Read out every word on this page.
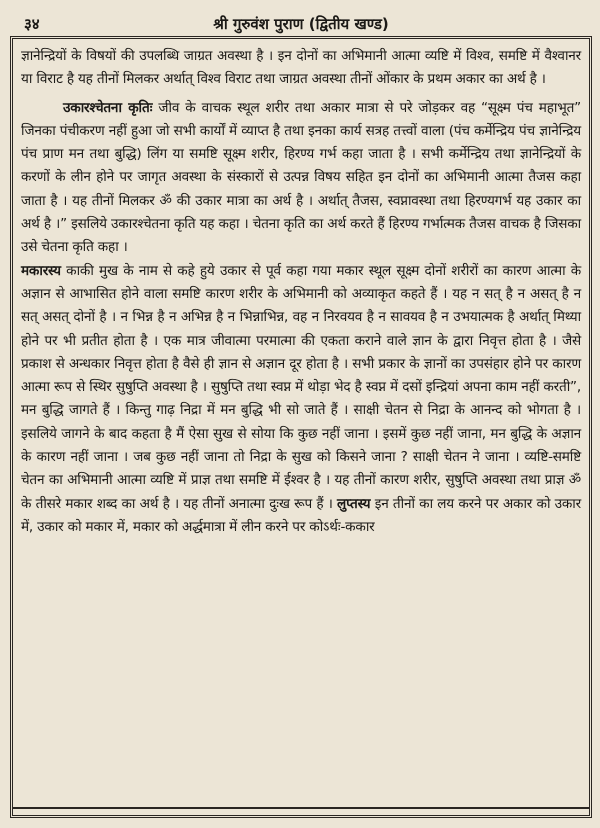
३४	श्री गुरुवंश पुराण (द्वितीय खण्ड)

ज्ञानेन्द्रियों के विषयों की उपलब्धि जाग्रत अवस्था है । इन दोनों का अभिमानी आत्मा व्यष्टि में विश्व, समष्टि में वैश्वानर या विराट है यह तीनों मिलकर अर्थात् विश्व विराट तथा जाग्रत अवस्था तीनों ओंकार के प्रथम अकार का अर्थ है ।

उकारश्चेतना कृतिः जीव के वाचक स्थूल शरीर तथा अकार मात्रा से परे जोड़कर वह “सूक्ष्म पंच महाभूत” जिनका पंचीकरण नहीं हुआ जो सभी कार्यों में व्याप्त है तथा इनका कार्य सत्रह तत्त्वों वाला (पंच कर्मेन्द्रिय पंच ज्ञानेन्द्रिय पंच प्राण मन तथा बुद्धि) लिंग या समष्टि सूक्ष्म शरीर, हिरण्य गर्भ कहा जाता है । सभी कर्मेन्द्रिय तथा ज्ञानेन्द्रियों के करणों के लीन होने पर जागृत अवस्था के संस्कारों से उत्पन्न विषय सहित इन दोनों का अभिमानी आत्मा तैजस कहा जाता है । यह तीनों मिलकर ॐ की उकार मात्रा का अर्थ है । अर्थात् तैजस, स्वप्नावस्था तथा हिरण्यगर्भ यह उकार का अर्थ है ।” इसलिये उकारश्चेतना कृति यह कहा । चेतना कृति का अर्थ करते हैं हिरण्य गर्भात्मक तैजस वाचक है जिसका उसे चेतना कृति कहा ।

मकारस्य काकी मुख के नाम से कहे हुये उकार से पूर्व कहा गया मकार स्थूल सूक्ष्म दोनों शरीरों का कारण आत्मा के अज्ञान से आभासित होने वाला समष्टि कारण शरीर के अभिमानी को अव्याकृत कहते हैं । यह न सत् है न असत् है न सत् असत् दोनों है । न भिन्न है न अभिन्न है न भिन्नाभिन्न, वह न निरवयव है न सावयव है न उभयात्मक है अर्थात् मिथ्या होने पर भी प्रतीत होता है । एक मात्र जीवात्मा परमात्मा की एकता कराने वाले ज्ञान के द्वारा निवृत्त होता है । जैसे प्रकाश से अन्धकार निवृत्त होता है वैसे ही ज्ञान से अज्ञान दूर होता है । सभी प्रकार के ज्ञानों का उपसंहार होने पर कारण आत्मा रूप से स्थिर सुषुप्ति अवस्था है । सुषुप्ति तथा स्वप्न में थोड़ा भेद है स्वप्न में दसों इन्द्रियां अपना काम नहीं करती”, मन बुद्धि जागते हैं । किन्तु गाढ़ निद्रा में मन बुद्धि भी सो जाते हैं । साक्षी चेतन से निद्रा के आनन्द को भोगता है । इसलिये जागने के बाद कहता है मैं ऐसा सुख से सोया कि कुछ नहीं जाना । इसमें कुछ नहीं जाना, मन बुद्धि के अज्ञान के कारण नहीं जाना । जब कुछ नहीं जाना तो निद्रा के सुख को किसने जाना ? साक्षी चेतन ने जाना । व्यष्टि-समष्टि चेतन का अभिमानी आत्मा व्यष्टि में प्राज्ञ तथा समष्टि में ईश्वर है । यह तीनों कारण शरीर, सुषुप्ति अवस्था तथा प्राज्ञ ॐ के तीसरे मकार शब्द का अर्थ है । यह तीनों अनात्मा दुःख रूप हैं । लुप्तस्य इन तीनों का लय करने पर अकार को उकार में, उकार को मकार में, मकार को अर्द्धमात्रा में लीन करने पर कोऽर्थः-ककार
